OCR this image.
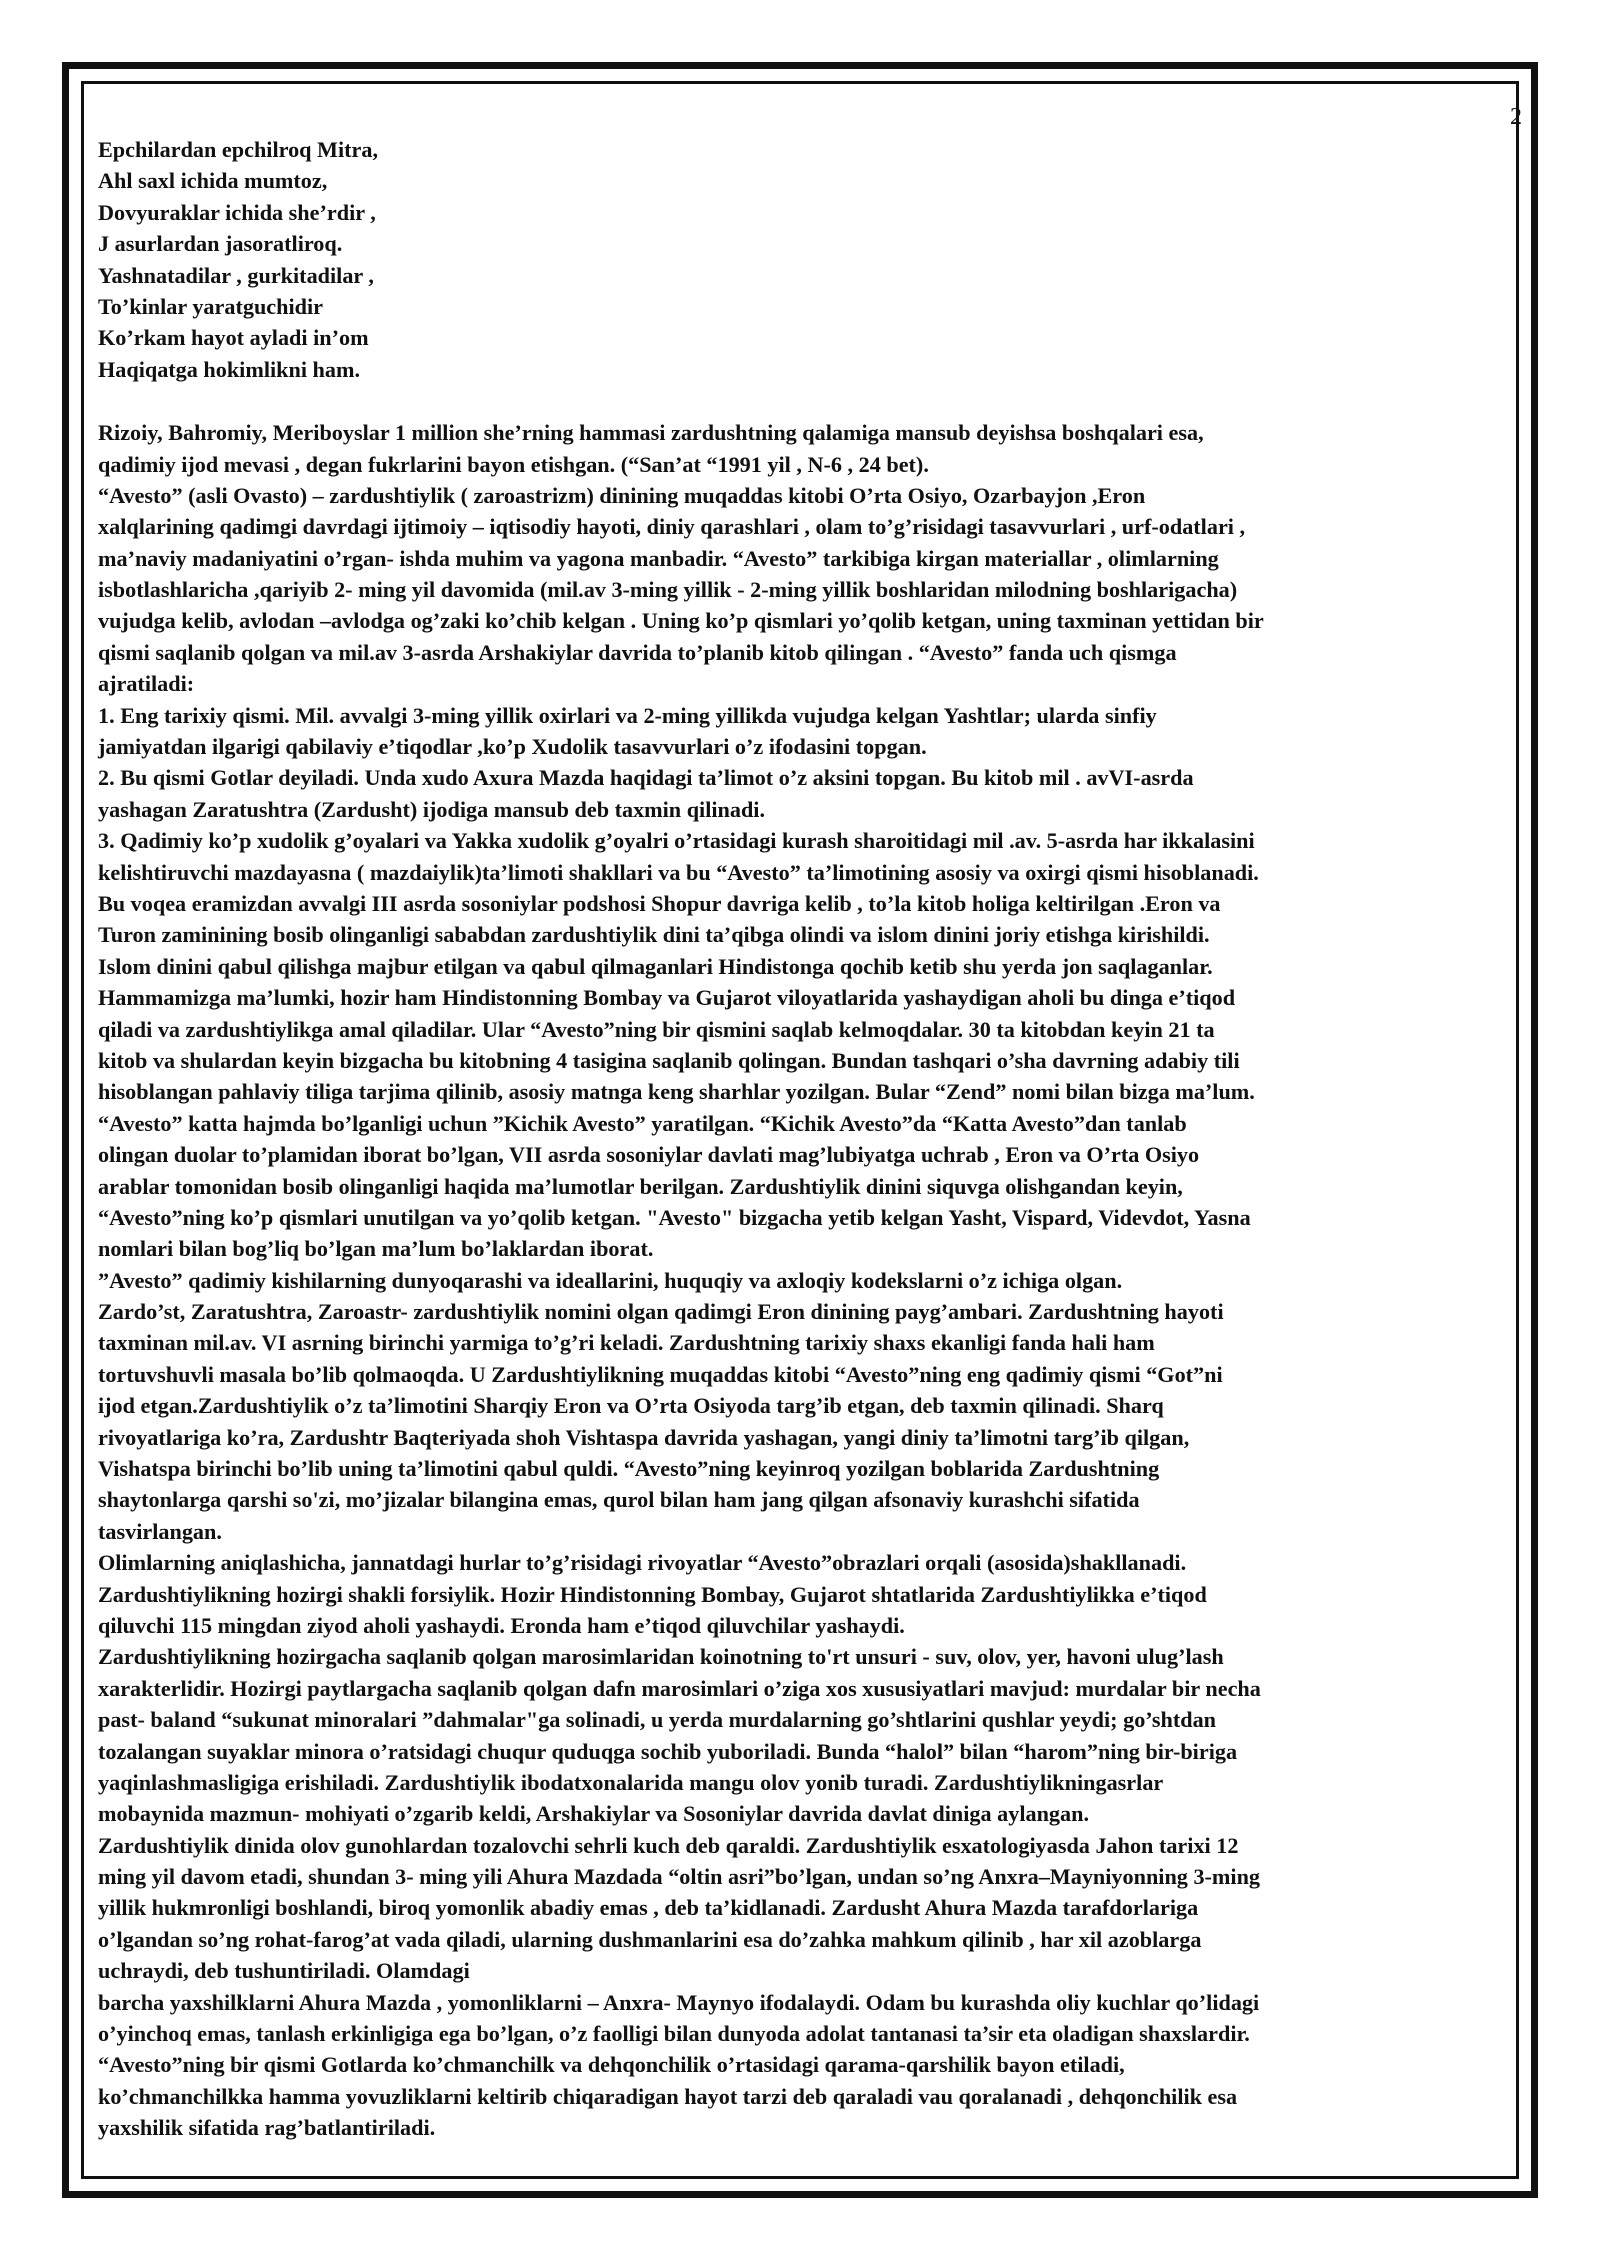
2
Epchilardan epchilroq Mitra,
Ahl saxl ichida mumtoz,
Dovyuraklar ichida she’rdir ,
J asurlardan jasoratliroq.
Yashnatadilar , gurkitadilar ,
To’kinlar yaratguchidir
Ko’rkam hayot ayladi in’om
Haqiqatga hokimlikni ham.
Rizoiy, Bahromiy, Meriboyslar 1 million she’rning hammasi zardushtning qalamiga mansub deyishsa boshqalari esa,
qadimiy ijod mevasi , degan fukrlarini bayon etishgan. (“San’at “1991 yil , N-6 , 24 bet).
“Avesto” (asli Ovasto) – zardushtiylik ( zaroastrizm) dinining muqaddas kitobi O’rta Osiyo, Ozarbayjon ,Eron
xalqlarining qadimgi davrdagi ijtimoiy – iqtisodiy hayoti, diniy qarashlari , olam to’g’risidagi tasavvurlari , urf-odatlari ,
ma’naviy madaniyatini o’rgan- ishda muhim va yagona manbadir. “Avesto” tarkibiga kirgan materiallar , olimlarning
isbotlashlaricha ,qariyib 2- ming yil davomida (mil.av 3-ming yillik - 2-ming yillik boshlaridan milodning boshlarigacha)
vujudga kelib, avlodan –avlodga og’zaki ko’chib kelgan . Uning ko’p qismlari yo’qolib ketgan, uning taxminan yettidan bir
qismi saqlanib qolgan va mil.av 3-asrda Arshakiylar davrida to’planib kitob qilingan . “Avesto” fanda uch qismga
ajratiladi:
1. Eng tarixiy qismi. Mil. avvalgi 3-ming yillik oxirlari va 2-ming yillikda vujudga kelgan Yashtlar; ularda sinfiy
jamiyatdan ilgarigi qabilaviy e’tiqodlar ,ko’p Xudolik tasavvurlari o’z ifodasini topgan.
2. Bu qismi Gotlar deyiladi. Unda xudo Axura Mazda haqidagi ta’limot o’z aksini topgan. Bu kitob mil . avVI-asrda
yashagan Zaratushtra (Zardusht) ijodiga mansub deb taxmin qilinadi.
3. Qadimiy ko’p xudolik g’oyalari va Yakka xudolik g’oyalri o’rtasidagi kurash sharoitidagi mil .av. 5-asrda har ikkalasini
kelishtiruvchi mazdayasna ( mazdaiylik)ta’limoti shakllari va bu “Avesto” ta’limotining asosiy va oxirgi qismi hisoblanadi.
Bu voqea eramizdan avvalgi III asrda sosoniylar podshosi Shopur davriga kelib , to’la kitob holiga keltirilgan .Eron va
Turon zaminining bosib olinganligi sababdan zardushtiylik dini ta’qibga olindi va islom dinini joriy etishga kirishildi.
Islom dinini qabul qilishga majbur etilgan va qabul qilmaganlari Hindistonga qochib ketib shu yerda jon saqlaganlar.
Hammamizga ma’lumki, hozir ham Hindistonning Bombay va Gujarot viloyatlarida yashaydigan aholi bu dinga e’tiqod
qiladi va zardushtiylikga amal qiladilar. Ular “Avesto”ning bir qismini saqlab kelmoqdalar. 30 ta kitobdan keyin 21 ta
kitob va shulardan keyin bizgacha bu kitobning 4 tasigina saqlanib qolingan. Bundan tashqari o’sha davrning adabiy tili
hisoblangan pahlaviy tiliga tarjima qilinib, asosiy matnga keng sharhlar yozilgan. Bular “Zend” nomi bilan bizga ma’lum.
“Avesto” katta hajmda bo’lganligi uchun ”Kichik Avesto” yaratilgan. “Kichik Avesto”da “Katta Avesto”dan tanlab
olingan duolar to’plamidan iborat bo’lgan, VII asrda sosoniylar davlati mag’lubiyatga uchrab , Eron va O’rta Osiyo
arablar tomonidan bosib olinganligi haqida ma’lumotlar berilgan. Zardushtiylik dinini siquvga olishgandan keyin,
“Avesto”ning ko’p qismlari unutilgan va yo’qolib ketgan. "Avesto" bizgacha yetib kelgan Yasht, Vispard, Videvdot, Yasna
nomlari bilan bog’liq bo’lgan ma’lum bo’laklardan iborat.
”Avesto” qadimiy kishilarning dunyoqarashi va ideallarini, huquqiy va axloqiy kodekslarni o’z ichiga olgan.
Zardo’st, Zaratushtra, Zaroastr- zardushtiylik nomini olgan qadimgi Eron dinining payg’ambari. Zardushtning hayoti
taxminan mil.av. VI asrning birinchi yarmiga to’g’ri keladi. Zardushtning tarixiy shaxs ekanligi fanda hali ham
tortuvshuvli masala bo’lib qolmaoqda. U Zardushtiylikning muqaddas kitobi “Avesto”ning eng qadimiy qismi “Got”ni
ijod etgan.Zardushtiylik o’z ta’limotini Sharqiy Eron va O’rta Osiyoda targ’ib etgan, deb taxmin qilinadi. Sharq
rivoyatlariga ko’ra, Zardushtr Baqteriyada shoh Vishtaspa davrida yashagan, yangi diniy ta’limotni targ’ib qilgan,
Vishatspa birinchi bo’lib uning ta’limotini qabul quldi. “Avesto”ning keyinroq yozilgan boblarida Zardushtning
shaytonlarga qarshi so'zi, mo’jizalar bilangina emas, qurol bilan ham jang qilgan afsonaviy kurashchi sifatida
tasvirlangan.
Olimlarning aniqlashicha, jannatdagi hurlar to’g’risidagi rivoyatlar “Avesto”obrazlari orqali (asosida)shakllanadi.
Zardushtiylikning hozirgi shakli forsiylik. Hozir Hindistonning Bombay, Gujarot shtatlarida Zardushtiylikka e’tiqod
qiluvchi 115 mingdan ziyod aholi yashaydi. Eronda ham e’tiqod qiluvchilar yashaydi.
Zardushtiylikning hozirgacha saqlanib qolgan marosimlaridan koinotning to'rt unsuri - suv, olov, yer, havoni ulug’lash
xarakterlidir. Hozirgi paytlargacha saqlanib qolgan dafn marosimlari o’ziga xos xususiyatlari mavjud: murdalar bir necha
past- baland “sukunat minoralari ”dahmalar"ga solinadi, u yerda murdalarning go’shtlarini qushlar yeydi; go’shtdan
tozalangan suyaklar minora o’ratsidagi chuqur quduqga sochib yuboriladi. Bunda “halol” bilan “harom”ning bir-biriga
yaqinlashmasligiga erishiladi. Zardushtiylik ibodatxonalarida mangu olov yonib turadi. Zardushtiylikningasrlar
mobaynida mazmun- mohiyati o’zgarib keldi, Arshakiylar va Sosoniylar davrida davlat diniga aylangan.
Zardushtiylik dinida olov gunohlardan tozalovchi sehrli kuch deb qaraldi. Zardushtiylik esxatologiyasda Jahon tarixi 12
ming yil davom etadi, shundan 3- ming yili Ahura Mazdada “oltin asri”bo’lgan, undan so’ng Anxra–Mayniyonning 3-ming
yillik hukmronligi boshlandi, biroq yomonlik abadiy emas , deb ta’kidlanadi. Zardusht Ahura Mazda tarafdorlariga
o’lgandan so’ng rohat-farog’at vada qiladi, ularning dushmanlarini esa do’zahka mahkum qilinib , har xil azoblarga
uchraydi, deb tushuntiriladi. Olamdagi
barcha yaxshilklarni Ahura Mazda , yomonliklarni – Anxra- Maynyo ifodalaydi. Odam bu kurashda oliy kuchlar qo’lidagi
o’yinchoq emas, tanlash erkinligiga ega bo’lgan, o’z faolligi bilan dunyoda adolat tantanasi ta’sir eta oladigan shaxslardir.
“Avesto”ning bir qismi Gotlarda ko’chmanchilk va dehqonchilik o’rtasidagi qarama-qarshilik bayon etiladi,
ko’chmanchilkka hamma yovuzliklarni keltirib chiqaradigan hayot tarzi deb qaraladi vau qoralanadi , dehqonchilik esa
yaxshilik sifatida rag’batlantiriladi.
